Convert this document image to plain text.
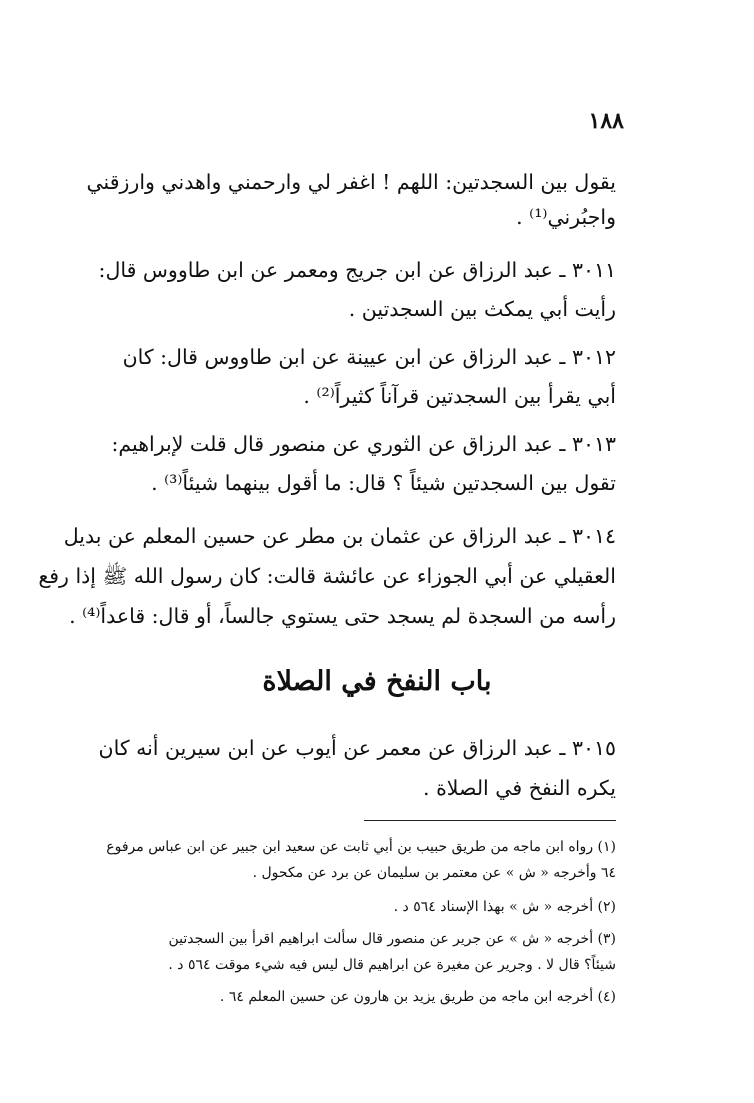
١٨٨
يقول بين السجدتين: اللهم ! اغفر لي وارحمني واهدني وارزقني
واجبُرني⁽¹⁾ .
٣٠١١ ـ عبد الرزاق عن ابن جريج ومعمر عن ابن طاووس قال:
رأيت أبي يمكث بين السجدتين .
٣٠١٢ ـ عبد الرزاق عن ابن عيينة عن ابن طاووس قال: كان
أبي يقرأ بين السجدتين قرآناً كثيراً⁽²⁾ .
٣٠١٣ ـ عبد الرزاق عن الثوري عن منصور قال قلت لإبراهيم:
تقول بين السجدتين شيئاً ؟ قال: ما أقول بينهما شيئاً⁽³⁾ .
٣٠١٤ ـ عبد الرزاق عن عثمان بن مطر عن حسين المعلم عن بديل
العقيلي عن أبي الجوزاء عن عائشة قالت: كان رسول الله ﷺ إذا رفع
رأسه من السجدة لم يسجد حتى يستوي جالساً، أو قال: قاعداً⁽⁴⁾ .
باب النفخ في الصلاة
٣٠١٥ ـ عبد الرزاق عن معمر عن أيوب عن ابن سيرين أنه كان
يكره النفخ في الصلاة .
(١) رواه ابن ماجه من طريق حبيب بن أبي ثابت عن سعيد ابن جبير عن ابن عباس مرفوع
٦٤ وأخرجه « ش » عن معتمر بن سليمان عن برد عن مكحول .
(٢) أخرجه « ش » بهذا الإسناد ٥٦٤ د .
(٣) أخرجه « ش » عن جرير عن منصور قال سألت ابراهيم اقرأ بين السجدتين
شيئاً؟ قال لا . وجرير عن مغيرة عن ابراهيم قال ليس فيه شيء موقت ٥٦٤ د .
(٤) أخرجه ابن ماجه من طريق يزيد بن هارون عن حسين المعلم ٦٤ .
